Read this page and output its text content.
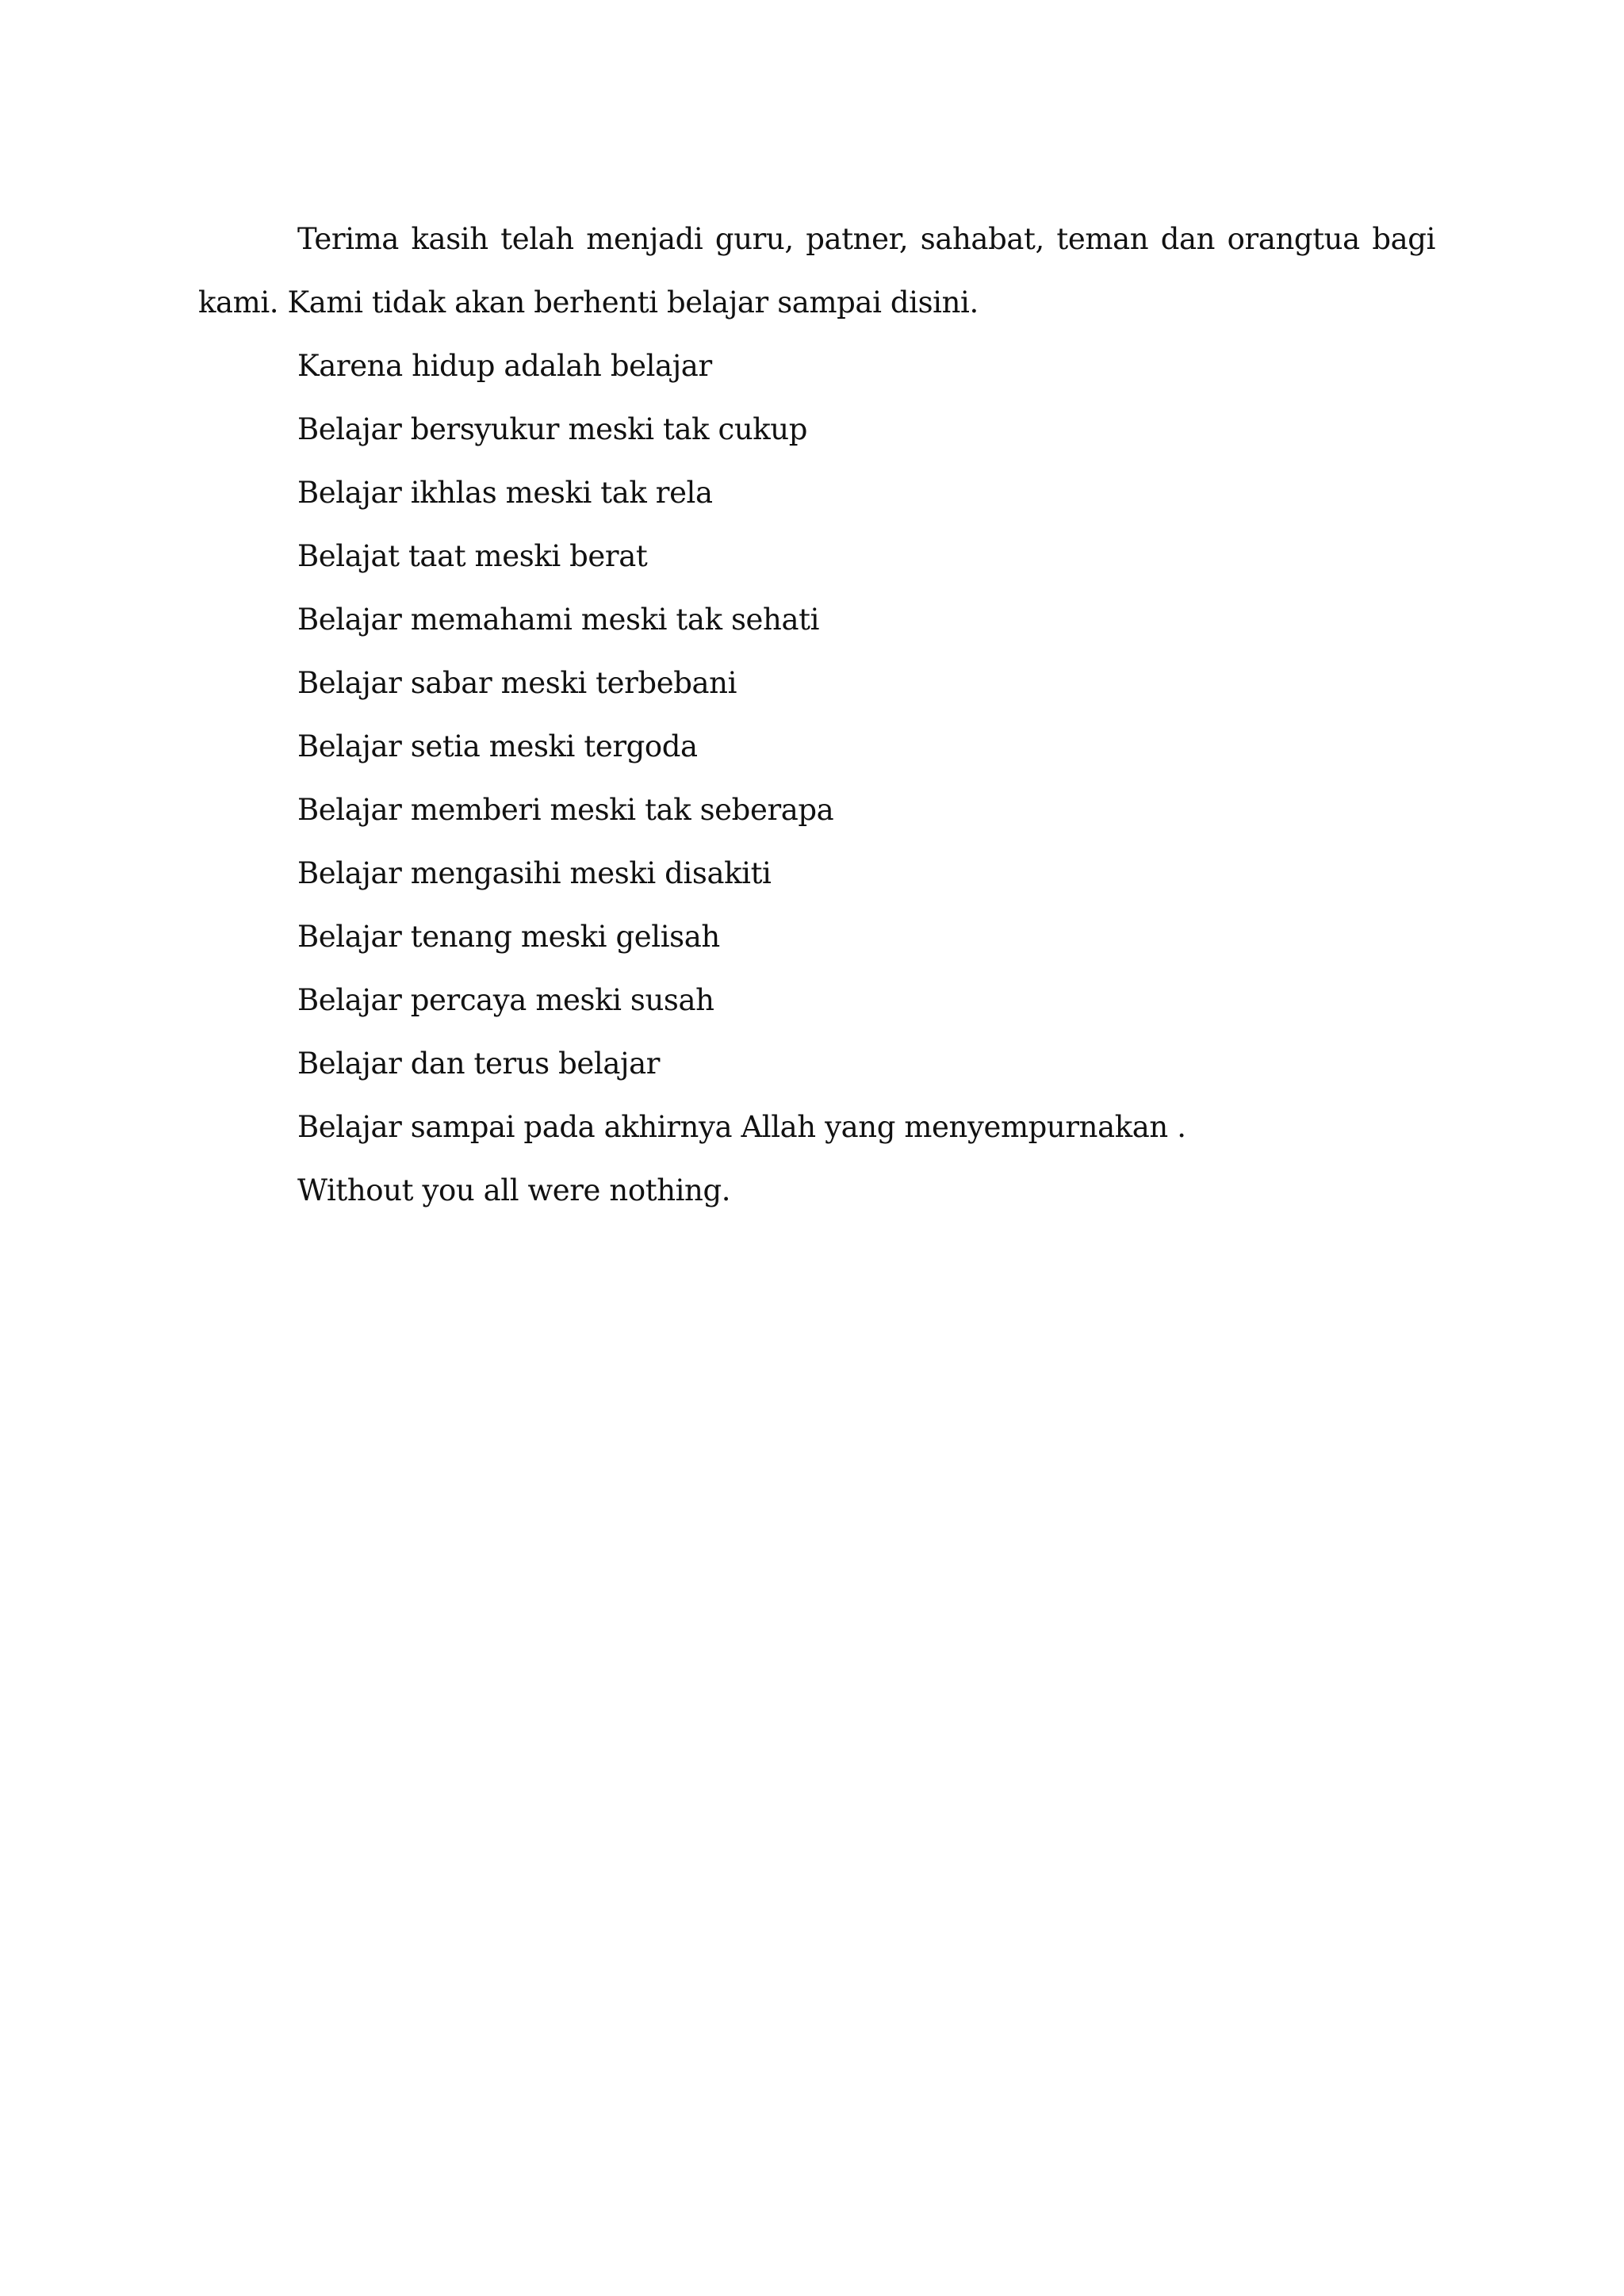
Terima kasih telah menjadi guru, patner, sahabat, teman dan orangtua bagi kami. Kami tidak akan berhenti belajar sampai disini.

Karena hidup adalah belajar

Belajar bersyukur meski tak cukup

Belajar ikhlas meski tak rela

Belajat taat meski berat

Belajar memahami meski tak sehati

Belajar sabar meski terbebani

Belajar setia meski tergoda

Belajar memberi meski tak seberapa

Belajar mengasihi meski disakiti

Belajar tenang meski gelisah

Belajar percaya meski susah

Belajar dan terus belajar

Belajar sampai pada akhirnya Allah yang menyempurnakan .

Without you all were nothing.
